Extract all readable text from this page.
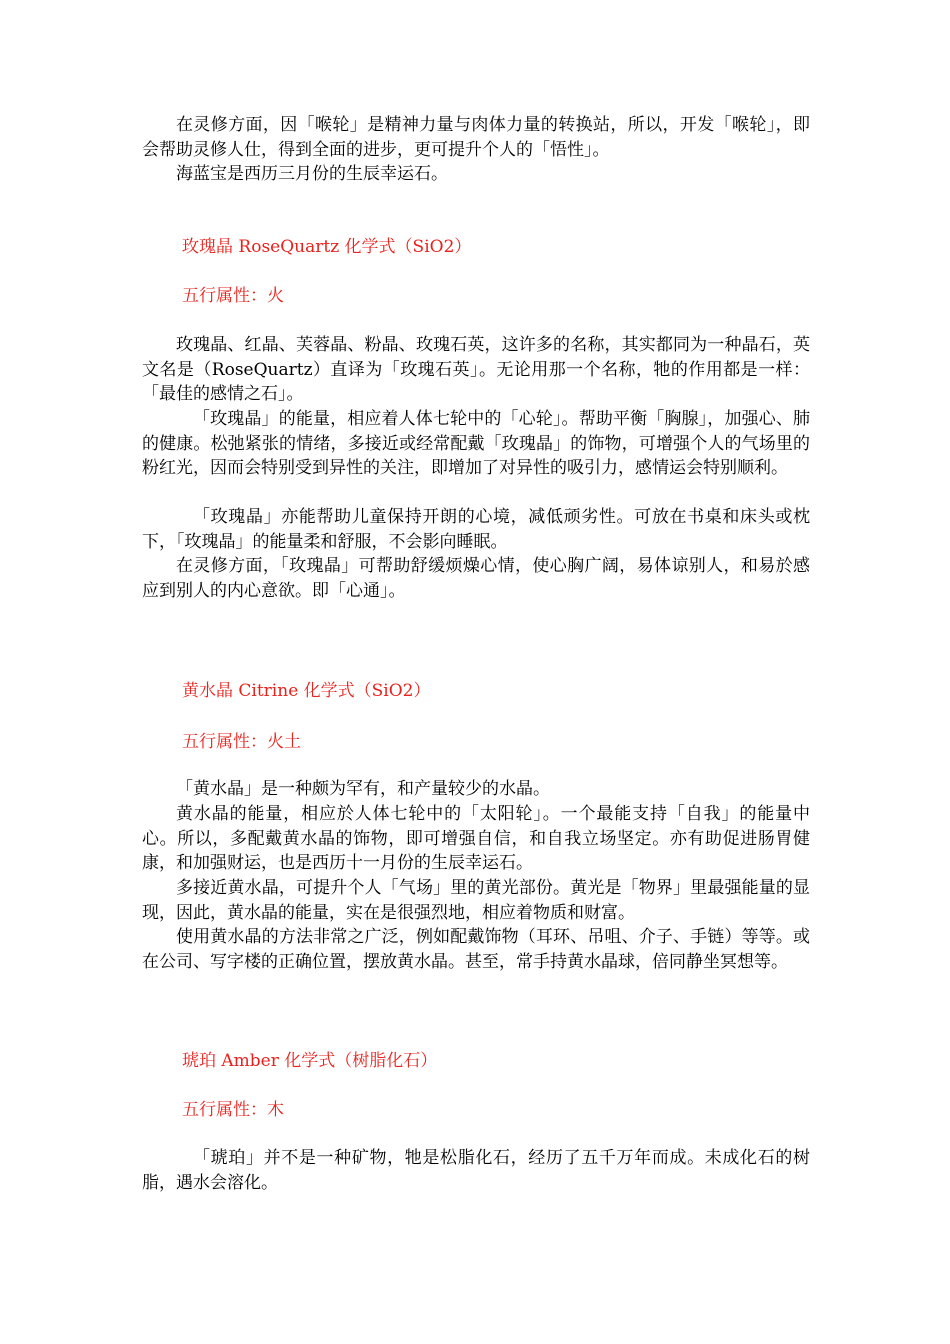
在灵修方面，因「喉轮」是精神力量与肉体力量的转换站，所以，开发「喉轮」，即会帮助灵修人仕，得到全面的进步，更可提升个人的「悟性」。

海蓝宝是西历三月份的生辰幸运石。

玫瑰晶 RoseQuartz 化学式（SiO2）

五行属性：火

玫瑰晶、红晶、芙蓉晶、粉晶、玫瑰石英，这许多的名称，其实都同为一种晶石，英文名是（RoseQuartz）直译为「玫瑰石英」。无论用那一个名称，牠的作用都是一样：「最佳的感情之石」。

「玫瑰晶」的能量，相应着人体七轮中的「心轮」。帮助平衡「胸腺」，加强心、肺的健康。松弛紧张的情绪，多接近或经常配戴「玫瑰晶」的饰物，可增强个人的气场里的粉红光，因而会特别受到异性的关注，即增加了对异性的吸引力，感情运会特别顺利。

「玫瑰晶」亦能帮助儿童保持开朗的心境，减低顽劣性。可放在书桌和床头或枕下，「玫瑰晶」的能量柔和舒服，不会影向睡眠。

在灵修方面，「玫瑰晶」可帮助舒缓烦燥心情，使心胸广阔，易体谅别人，和易於感应到别人的内心意欲。即「心通」。

黄水晶 Citrine 化学式（SiO2）

五行属性：火土

「黄水晶」是一种颇为罕有，和产量较少的水晶。

黄水晶的能量，相应於人体七轮中的「太阳轮」。一个最能支持「自我」的能量中心。所以，多配戴黄水晶的饰物，即可增强自信，和自我立场坚定。亦有助促进肠胃健康，和加强财运，也是西历十一月份的生辰幸运石。

多接近黄水晶，可提升个人「气场」里的黄光部份。黄光是「物界」里最强能量的显现，因此，黄水晶的能量，实在是很强烈地，相应着物质和财富。

使用黄水晶的方法非常之广泛，例如配戴饰物（耳环、吊咀、介子、手链）等等。或在公司、写字楼的正确位置，摆放黄水晶。甚至，常手持黄水晶球，倍同静坐冥想等。

琥珀 Amber 化学式（树脂化石）

五行属性：木

「琥珀」并不是一种矿物，牠是松脂化石，经历了五千万年而成。未成化石的树脂，遇水会溶化。
